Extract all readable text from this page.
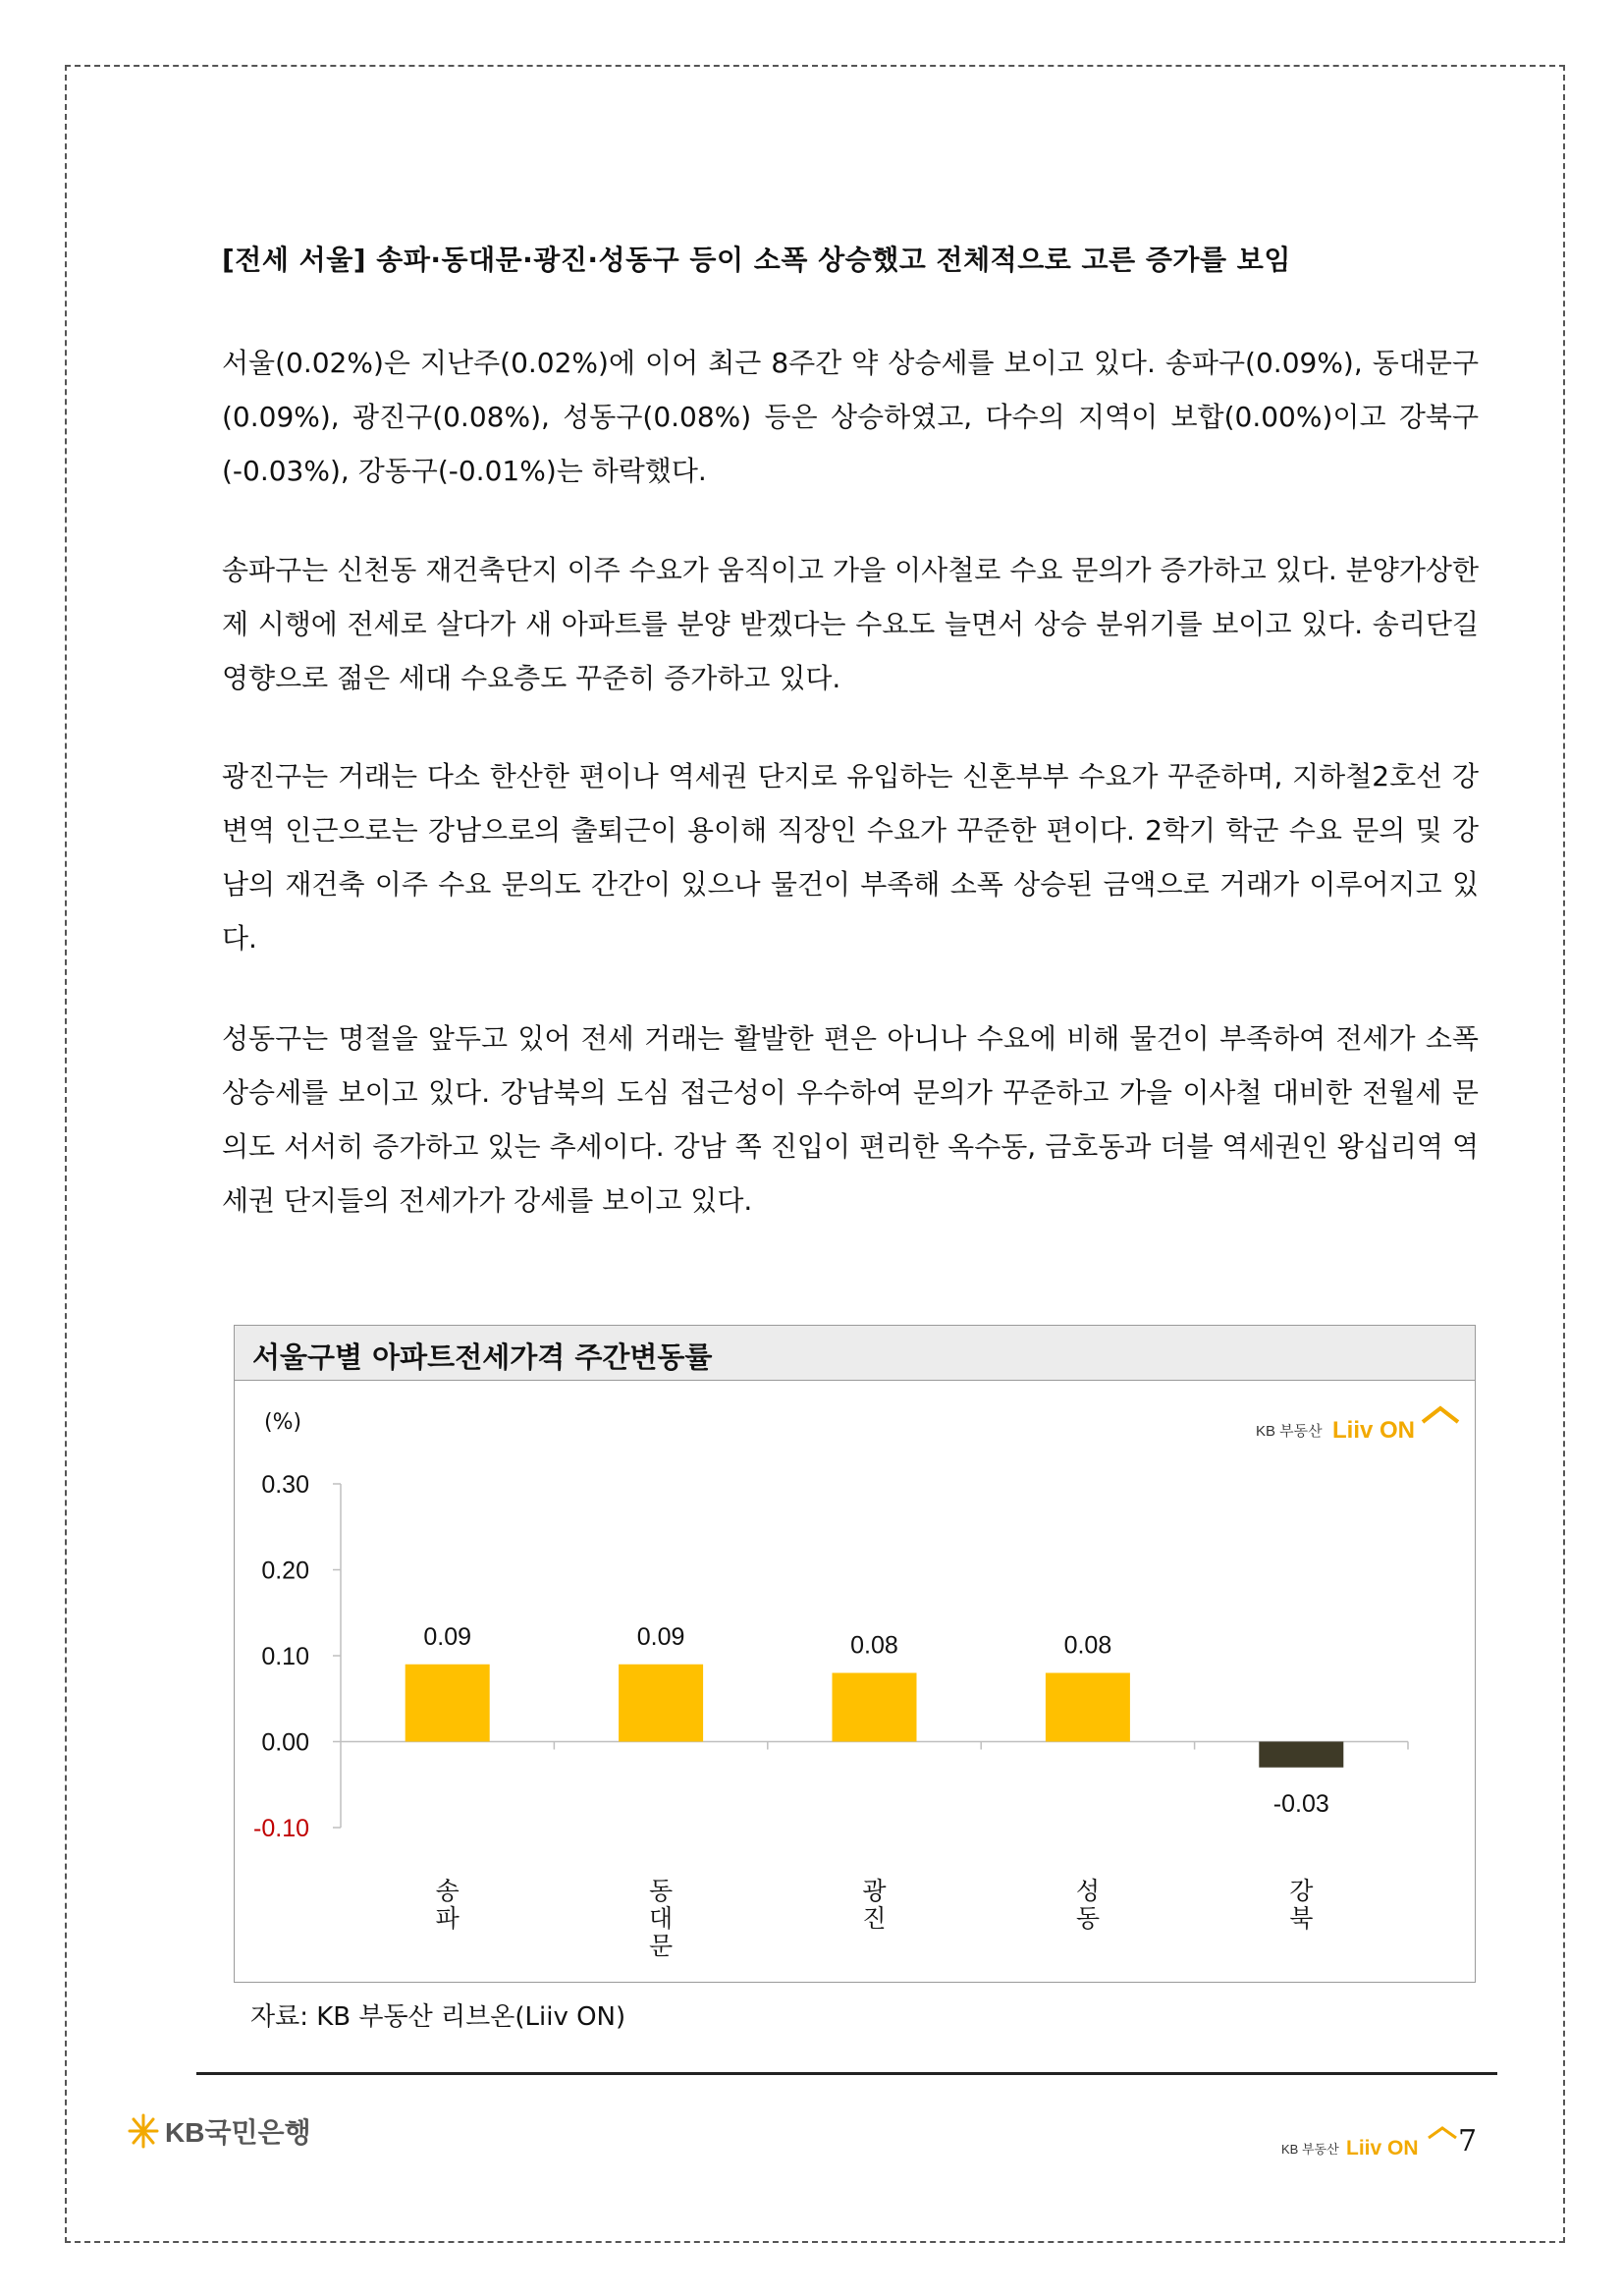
[전세 서울] 송파·동대문·광진·성동구 등이 소폭 상승했고 전체적으로 고른 증가를 보임

서울(0.02%)은 지난주(0.02%)에 이어 최근 8주간 약 상승세를 보이고 있다. 송파구(0.09%), 동대문구(0.09%), 광진구(0.08%), 성동구(0.08%) 등은 상승하였고, 다수의 지역이 보합(0.00%)이고 강북구(-0.03%), 강동구(-0.01%)는 하락했다.

송파구는 신천동 재건축단지 이주 수요가 움직이고 가을 이사철로 수요 문의가 증가하고 있다. 분양가상한제 시행에 전세로 살다가 새 아파트를 분양 받겠다는 수요도 늘면서 상승 분위기를 보이고 있다. 송리단길 영향으로 젊은 세대 수요층도 꾸준히 증가하고 있다.

광진구는 거래는 다소 한산한 편이나 역세권 단지로 유입하는 신혼부부 수요가 꾸준하며, 지하철2호선 강변역 인근으로는 강남으로의 출퇴근이 용이해 직장인 수요가 꾸준한 편이다. 2학기 학군 수요 문의 및 강남의 재건축 이주 수요 문의도 간간이 있으나 물건이 부족해 소폭 상승된 금액으로 거래가 이루어지고 있다.

성동구는 명절을 앞두고 있어 전세 거래는 활발한 편은 아니나 수요에 비해 물건이 부족하여 전세가 소폭 상승세를 보이고 있다. 강남북의 도심 접근성이 우수하여 문의가 꾸준하고 가을 이사철 대비한 전월세 문의도 서서히 증가하고 있는 추세이다. 강남 쪽 진입이 편리한 옥수동, 금호동과 더블 역세권인 왕십리역 역세권 단지들의 전세가가 강세를 보이고 있다.

서울구별 아파트전세가격 주간변동률
(%)	KB 부동산 Liiv ON
0.30
0.20
0.10
0.00
-0.10
0.09
송
파
0.09
동
대
문
0.08
광
진
0.08
성
동
-0.03
강
북
자료: KB 부동산 리브온(Liiv ON)
KB국민은행
KB 부동산 Liiv ON 7
